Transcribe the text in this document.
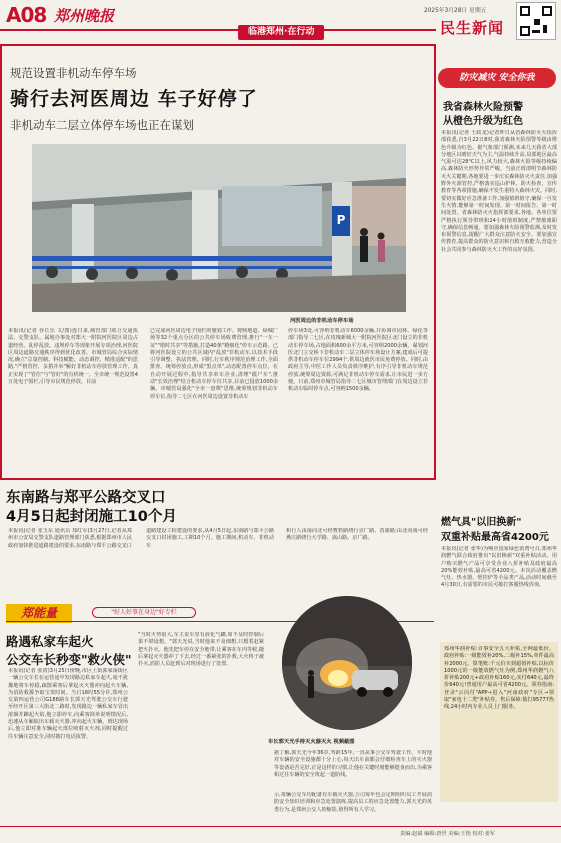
A08 郑州晚报
临港郑州·在行动
2025年3月28日 星期五
民生新闻
规范设置非机动车停车场
骑行去河医周边 车子好停了
非机动车二层立体停车场也正在谋划
P
河医周边的非机动车停车场
本报讯(记者 谷长乐 文/图)连日来,城管部门联合交通执法、交警支队、属地办事处对郑大一附院河医院区周边占道经营、乱停乱放、违规停车等现象开展专项治理,河医院区周边道路交通秩序得到优化改善。市城管局综合实际情况,确立"总量控制、科技赋能、动态调控、精准适配"的思路,"严格管控、多措并举"解好非机动车停放管理工作。真正实现了"管住"与"管好"的有机统一。全市统一规范设置4万处电子围栏,引导市民规范停放。目前
已完成河医周边电子围栏的施划工作。将熙地道、绿城广场等32个重点分区的公共停车场收费管理,推行"一车一证""错时共享"等措施,打造40条"精细化"停车示范路。已将河医院设立的公共区域内"乱放"非机动车,以技术手段引导调整、执法管理。同时,行车秩序规范治理工作,全面排查、统筹停放点,形成"黑点单",动态配置停车点位。在自动开展过程中,指导共享单车企业,清理"僵尸车",推动"长效治理"结合机动车停车位共享,目前已投放1000余辆。市城管局强化"全市一盘棋"思维,统筹规划非机动车停车位,指导二七区在河医周边设置非机动车
停车场3处,可容纳非机动车6000余辆,并协调市园林、绿化等部门指导二七区,在玫瑰新城大一附院河医院区北门设立的非机动车停车场,占地面积600余平方米,可容纳2000余辆。谋划河医北门立交桥下非机动车二层立体停车场设计方案,建成后可提供非机动车停车位2994个,供周边就医市民免费停放。同时,由政府主导,中医工作人员负责秩序维护,有序引导非机动车规范停放,统筹周边资源,可满足非机动车停车需求,让市民进一步方便。日前,郑州市城管局指导二七区城市管理部门在周边设立非机动车临时停车点,可容纳1500余辆。
东南路与郑平公路交叉口
4月5日起封闭施工10个月
本报讯(记者 张玉东 通讯员 郑红军)3月27日,记者从郑州市公安局交警支队道路管理部门获悉,根据郑州市人民政府加快推进道路建设的要求,东南路与郑平公路交叉口
道路建设工程建设的要求,从4月5日起,东南路与郑平公路交叉口封闭施工,工期10个月。施工期间,机动车、非机动车
和行人由南向北可经曹砦路绕行京广路、菖蒲路;由北向南可经燕庄路绕行大学路、嵩山路、京广路。
郑能量	"好人好事在身边"好专栏
路遇私家车起火
公交车长秒变"救火侠"
车长郭天光手持灭火器灭火 视频截图
本报讯(记者 张倩)3月25日傍晚,市区上街郭家荡街区一辆公交车长在运营途中发现路边私家车起火,毫不犹豫地将车停稳,疏散乘客后拿起灭火器冲向起火车辆,为消防救援争取宝贵时间。当日18时55分许,郑州公交第四运营公司G188路车长郭天光驾驶公交车行驶至经开区第三大街北二路时,发现路边一辆私家车冒出浓烟并蹿起火焰,他立即停车,向乘客简单说明情况后,迅速从车厢取出车载灭火器,冲向起火车辆。到达现场后,他立即对准车辆起火部位喷射灭火剂,同时提醒过往车辆注意安全,同时拨打电话报警。
"当时火势很大,车主说车里有液化气罐,如不及时控制后果不堪设想。"郭天光说,当时他来不及细想,只想着赶紧把火扑灭。他先把车停在安全地带,让乘客在车内等候,随后拿起灭火器冲了下去,经过一番紧张的扑救,大火终于被扑灭,消防人员赶到后对现场进行了处置。
据了解,郭天光今年36岁,驾龄15年,一直从事公交车驾驶工作。平时他对车辆的安全设施都十分上心,每天出车前都会仔细检查车上的灭火器等设备是否完好,正是这样的习惯,让他在关键时刻能够挺身而出,为乘客和过往车辆的安全筑起一道防线。
示,每辆公交车均配备有车载灭火器,公司每年也会定期组织员工开展消防安全知识培训和应急处置演练,提高员工的应急处置能力,郭天光的英勇行为,是郑州公交人的缩影,值得所有人学习。
防灾减灾 安全你我
我省森林火险预警
从橙色升级为红色
本报讯(记者 王政龙)记者昨日从省森林防灭火指挥部获悉,自3月22日8时,我省森林火险预警等级由橙色升级为红色。据气象部门预测,未来几天我省大部分地区以晴好天气为主,气温持续升高,局部地区最高气温可达28℃以上,风力较大,森林火险等级持续偏高,森林防火形势异常严峻。当前正值清明节森林防灭火关键期,各地要进一步压实森林防灭火责任,加强野外火源管控,严格落实巡山护林、防火检查、宣传教育等各项措施,确保不发生重特大森林火灾。同时,要切实做好应急准备工作,加强值班值守,确保一旦发生火情,能够第一时间发现、第一时间报告、第一时间处置。省森林防灭火指挥部要求,各地、各单位要严格执行领导带班和24小时值班制度,严禁擅离职守,确保信息畅通。要加强森林火险预警监测,及时发布预警信息,提醒广大群众注意防火安全。要加强宣传教育,提高群众的防火意识和自救互救能力,营造全社会共同参与森林防灭火工作的良好氛围。
燃气具"以旧换新"
双重补贴最高省4200元
本报讯(记者 张华)为响应国家绿色消费号召,郑州华润燃气联合政府推出"以旧换新"双重补贴活动。用户购买燃气产品可享受企业八折补贴及政府最高20%能效补贴,最高可省4200元。本次活动覆盖燃气灶、热水器、壁挂炉等全品类产品,活动时间截至4月30日,有需要的市民可拨打客服热线咨询。
郑州华润补贴:百事安全五大补贴,全网最低价。政府补贴:一级能效补20%,二级补15%,单件最高补2000元。算笔账:千元价买到超值补贴,以标价1000元的一级能效燃气灶为例,郑州华润燃气八折补贴200元+政府补贴160元,实付640元,最终价640元!普通用户最高可省4200元。领券指南:登录"云闪付"APP→进入"河南政府"专区→领取"家电十二类"补贴券。售后保障:拨打95777热线,24小时内专业人员上门服务。
责编:赵斌 编辑:唐世 美编:王艳 校对:姜军
